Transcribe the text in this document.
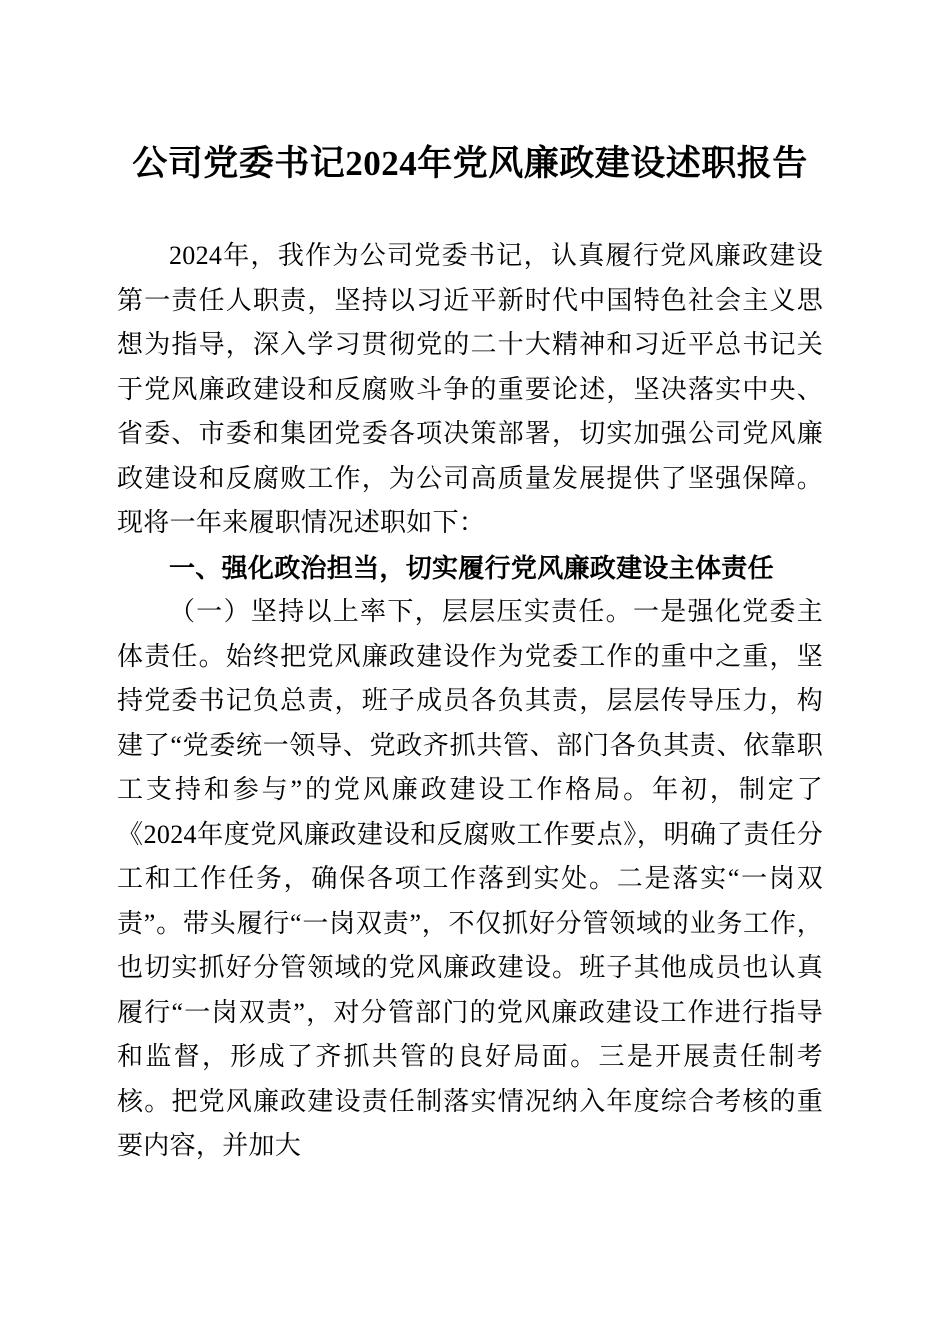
公司党委书记2024年党风廉政建设述职报告

2024年，我作为公司党委书记，认真履行党风廉政建设第一责任人职责，坚持以习近平新时代中国特色社会主义思想为指导，深入学习贯彻党的二十大精神和习近平总书记关于党风廉政建设和反腐败斗争的重要论述，坚决落实中央、省委、市委和集团党委各项决策部署，切实加强公司党风廉政建设和反腐败工作，为公司高质量发展提供了坚强保障。现将一年来履职情况述职如下：

一、强化政治担当，切实履行党风廉政建设主体责任

（一）坚持以上率下，层层压实责任。一是强化党委主体责任。始终把党风廉政建设作为党委工作的重中之重，坚持党委书记负总责，班子成员各负其责，层层传导压力，构建了“党委统一领导、党政齐抓共管、部门各负其责、依靠职工支持和参与”的党风廉政建设工作格局。年初，制定了《2024年度党风廉政建设和反腐败工作要点》，明确了责任分工和工作任务，确保各项工作落到实处。二是落实“一岗双责”。带头履行“一岗双责”，不仅抓好分管领域的业务工作，也切实抓好分管领域的党风廉政建设。班子其他成员也认真履行“一岗双责”，对分管部门的党风廉政建设工作进行指导和监督，形成了齐抓共管的良好局面。三是开展责任制考核。把党风廉政建设责任制落实情况纳入年度综合考核的重要内容，并加大
